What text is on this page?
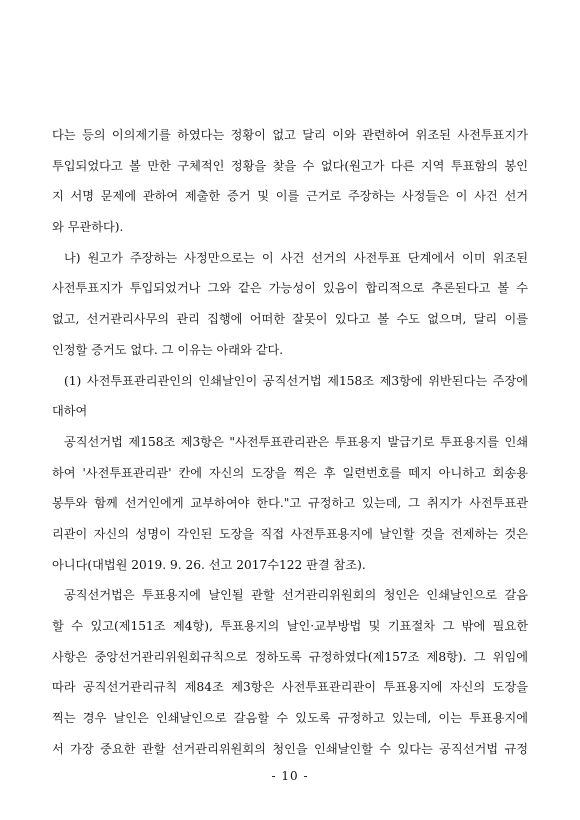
다는 등의 이의제기를 하였다는 정황이 없고 달리 이와 관련하여 위조된 사전투표지가
투입되었다고 볼 만한 구체적인 정황을 찾을 수 없다(원고가 다른 지역 투표함의 봉인
지 서명 문제에 관하여 제출한 증거 및 이를 근거로 주장하는 사정들은 이 사건 선거
와 무관하다).
나) 원고가 주장하는 사정만으로는 이 사건 선거의 사전투표 단계에서 이미 위조된
사전투표지가 투입되었거나 그와 같은 가능성이 있음이 합리적으로 추론된다고 볼 수
없고, 선거관리사무의 관리 집행에 어떠한 잘못이 있다고 볼 수도 없으며, 달리 이를
인정할 증거도 없다. 그 이유는 아래와 같다.
(1) 사전투표관리관인의 인쇄날인이 공직선거법 제158조 제3항에 위반된다는 주장에
대하여
공직선거법 제158조 제3항은 "사전투표관리관은 투표용지 발급기로 투표용지를 인쇄
하여 '사전투표관리관' 칸에 자신의 도장을 찍은 후 일련번호를 떼지 아니하고 회송용
봉투와 함께 선거인에게 교부하여야 한다."고 규정하고 있는데, 그 취지가 사전투표관
리관이 자신의 성명이 각인된 도장을 직접 사전투표용지에 날인할 것을 전제하는 것은
아니다(대법원 2019. 9. 26. 선고 2017수122 판결 참조).
공직선거법은 투표용지에 날인될 관할 선거관리위원회의 청인은 인쇄날인으로 갈음
할 수 있고(제151조 제4항), 투표용지의 날인·교부방법 및 기표절차 그 밖에 필요한
사항은 중앙선거관리위원회규칙으로 정하도록 규정하였다(제157조 제8항). 그 위임에
따라 공직선거관리규칙 제84조 제3항은 사전투표관리관이 투표용지에 자신의 도장을
찍는 경우 날인은 인쇄날인으로 갈음할 수 있도록 규정하고 있는데, 이는 투표용지에
서 가장 중요한 관할 선거관리위원회의 청인을 인쇄날인할 수 있다는 공직선거법 규정
- 10 -
